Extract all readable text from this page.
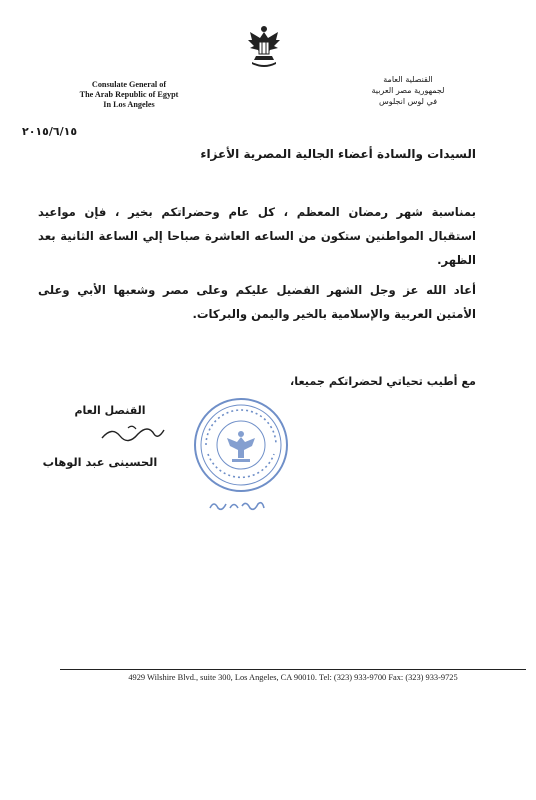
Consulate General of
The Arab Republic of Egypt
In Los Angeles
القنصلية العامة
لجمهورية مصر العربية
في لوس انجلوس
٢٠١٥/٦/١٥
السيدات والسادة أعضاء الجالية المصرية الأعزاء
بمناسبة شهر رمضان المعظم ، كل عام وحضراتكم بخير ، فإن مواعيد استقبال المواطنين ستكون من الساعه العاشرة صباحا إلي الساعة الثانية بعد الظهر.
أعاد الله عز وجل الشهر الفضيل عليكم وعلى مصر وشعبها الأبي وعلى الأمتين العربية والإسلامية بالخير واليمن والبركات.
مع أطيب تحياتي لحضراتكم جميعا،
القنصل العام
الحسينى عبد الوهاب
4929 Wilshire Blvd., suite 300, Los Angeles, CA 90010. Tel: (323) 933-9700 Fax: (323) 933-9725
